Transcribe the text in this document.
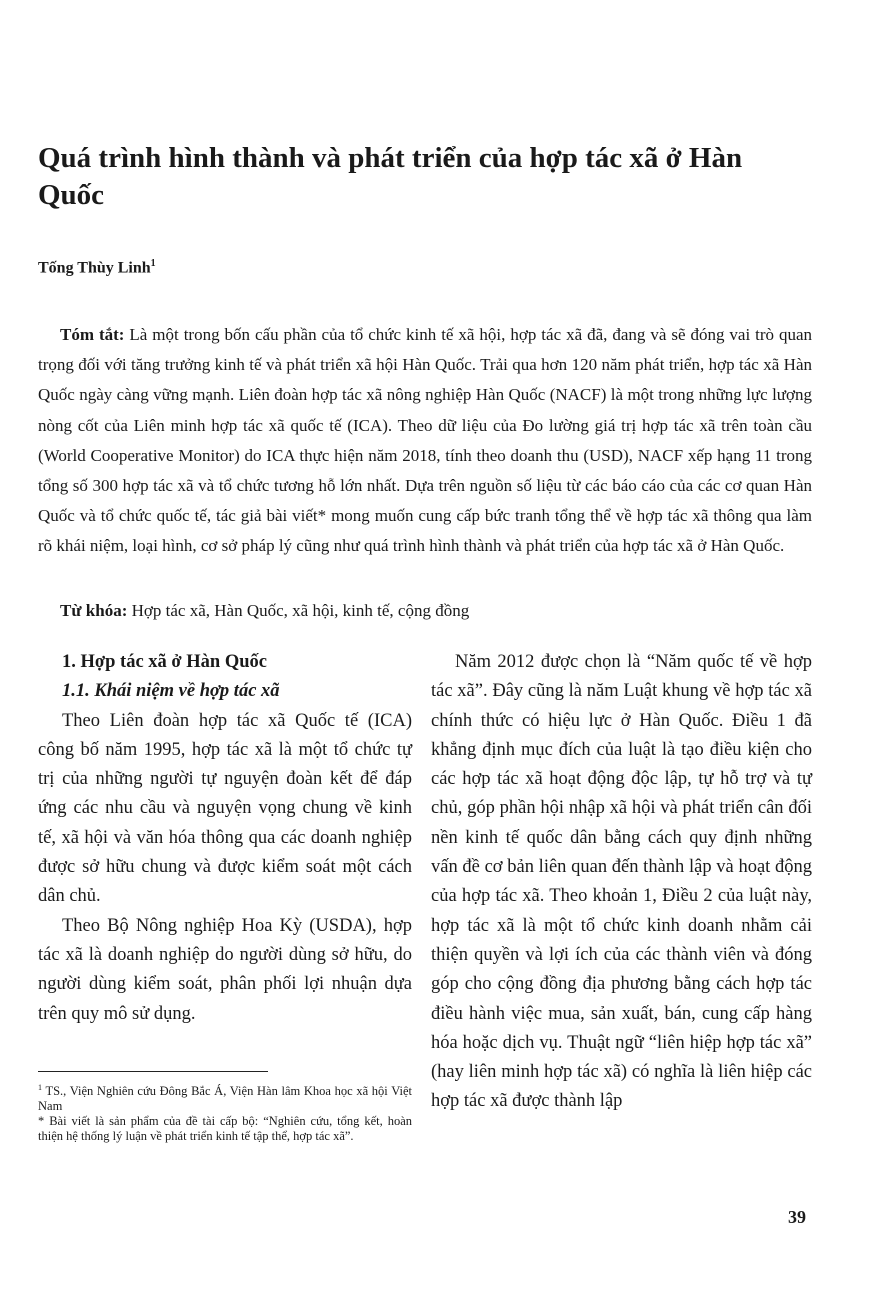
Quá trình hình thành và phát triển của hợp tác xã ở Hàn Quốc
Tống Thùy Linh$^1$

Tóm tắt: Là một trong bốn cấu phần của tổ chức kinh tế xã hội, hợp tác xã đã, đang và sẽ đóng vai trò quan trọng đối với tăng trưởng kinh tế và phát triển xã hội Hàn Quốc. Trải qua hơn 120 năm phát triển, hợp tác xã Hàn Quốc ngày càng vững mạnh. Liên đoàn hợp tác xã nông nghiệp Hàn Quốc (NACF) là một trong những lực lượng nòng cốt của Liên minh hợp tác xã quốc tế (ICA). Theo dữ liệu của Đo lường giá trị hợp tác xã trên toàn cầu (World Cooperative Monitor) do ICA thực hiện năm 2018, tính theo doanh thu (USD), NACF xếp hạng 11 trong tổng số 300 hợp tác xã và tổ chức tương hỗ lớn nhất. Dựa trên nguồn số liệu từ các báo cáo của các cơ quan Hàn Quốc và tổ chức quốc tế, tác giả bài viết* mong muốn cung cấp bức tranh tổng thể về hợp tác xã thông qua làm rõ khái niệm, loại hình, cơ sở pháp lý cũng như quá trình hình thành và phát triển của hợp tác xã ở Hàn Quốc.

Từ khóa: Hợp tác xã, Hàn Quốc, xã hội, kinh tế, cộng đồng

1. Hợp tác xã ở Hàn Quốc
1.1. Khái niệm về hợp tác xã

Theo Liên đoàn hợp tác xã Quốc tế (ICA) công bố năm 1995, hợp tác xã là một tổ chức tự trị của những người tự nguyện đoàn kết để đáp ứng các nhu cầu và nguyện vọng chung về kinh tế, xã hội và văn hóa thông qua các doanh nghiệp được sở hữu chung và được kiểm soát một cách dân chủ.

Theo Bộ Nông nghiệp Hoa Kỳ (USDA), hợp tác xã là doanh nghiệp do người dùng sở hữu, do người dùng kiểm soát, phân phối lợi nhuận dựa trên quy mô sử dụng.

Năm 2012 được chọn là “Năm quốc tế về hợp tác xã”. Đây cũng là năm Luật khung về hợp tác xã chính thức có hiệu lực ở Hàn Quốc. Điều 1 đã khẳng định mục đích của luật là tạo điều kiện cho các hợp tác xã hoạt động độc lập, tự hỗ trợ và tự chủ, góp phần hội nhập xã hội và phát triển cân đối nền kinh tế quốc dân bằng cách quy định những vấn đề cơ bản liên quan đến thành lập và hoạt động của hợp tác xã. Theo khoản 1, Điều 2 của luật này, hợp tác xã là một tổ chức kinh doanh nhằm cải thiện quyền và lợi ích của các thành viên và đóng góp cho cộng đồng địa phương bằng cách hợp tác điều hành việc mua, sản xuất, bán, cung cấp hàng hóa hoặc dịch vụ. Thuật ngữ “liên hiệp hợp tác xã” (hay liên minh hợp tác xã) có nghĩa là liên hiệp các hợp tác xã được thành lập

$^1$ TS., Viện Nghiên cứu Đông Bắc Á, Viện Hàn lâm Khoa học xã hội Việt Nam

* Bài viết là sản phẩm của đề tài cấp bộ: “Nghiên cứu, tổng kết, hoàn thiện hệ thống lý luận về phát triển kinh tế tập thể, hợp tác xã”.

39
